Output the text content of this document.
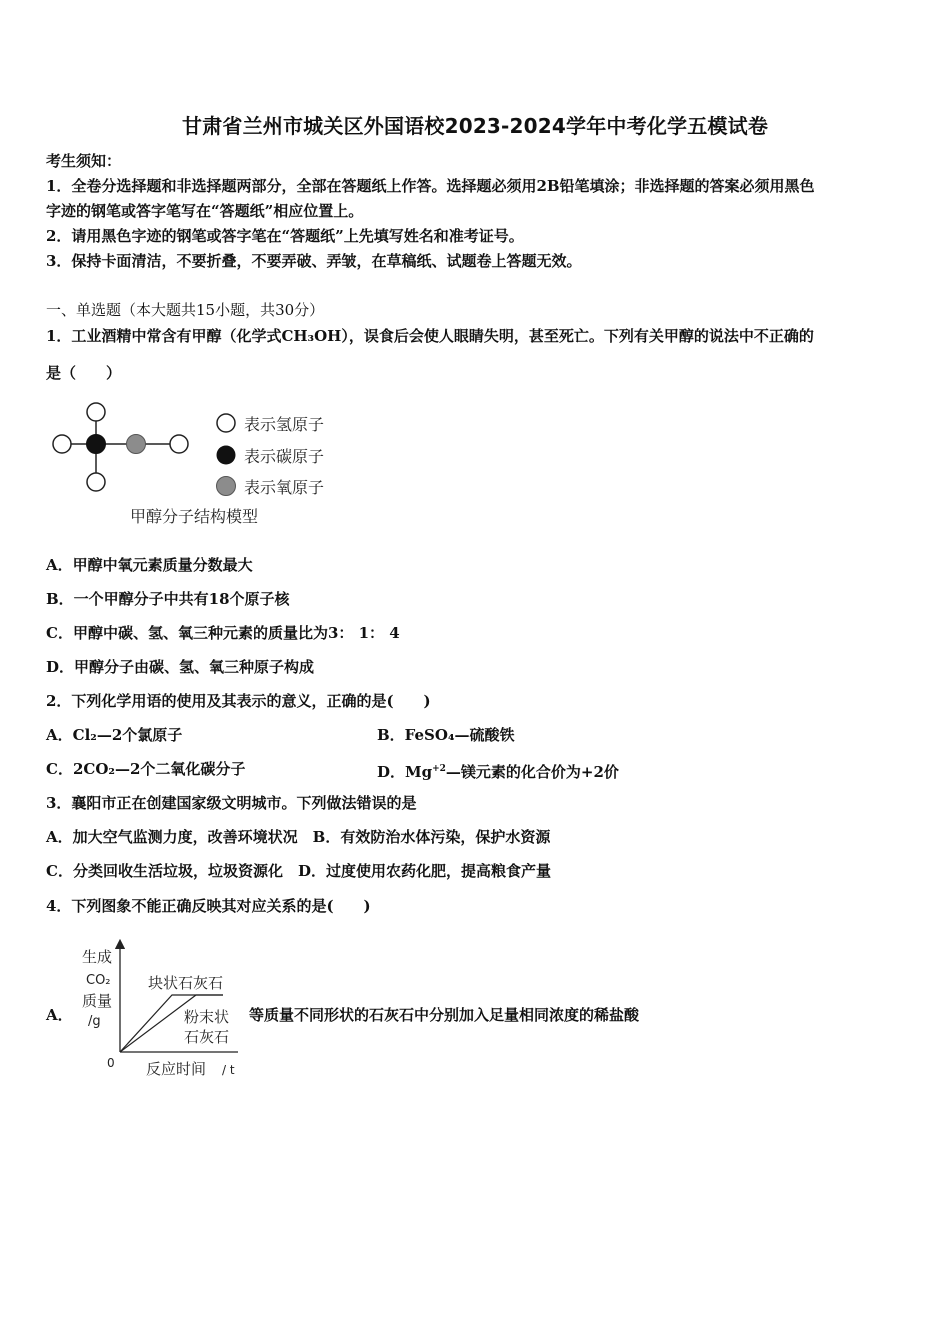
甘肃省兰州市城关区外国语校2023-2024学年中考化学五模试卷
考生须知：
1．全卷分选择题和非选择题两部分，全部在答题纸上作答。选择题必须用2B铅笔填涂；非选择题的答案必须用黑色
字迹的钢笔或答字笔写在“答题纸”相应位置上。
2．请用黑色字迹的钢笔或答字笔在“答题纸”上先填写姓名和准考证号。
3．保持卡面清洁，不要折叠，不要弄破、弄皱，在草稿纸、试题卷上答题无效。
一、单选题（本大题共15小题，共30分）
1．工业酒精中常含有甲醇（化学式CH₃OH），误食后会使人眼睛失明，甚至死亡。下列有关甲醇的说法中不正确的
是（　　）
表示氢原子
表示碳原子
表示氧原子
甲醇分子结构模型
A．甲醇中氧元素质量分数最大
B．一个甲醇分子中共有18个原子核
C．甲醇中碳、氢、氧三种元素的质量比为3： 1： 4
D．甲醇分子由碳、氢、氧三种原子构成
2．下列化学用语的使用及其表示的意义，正确的是(　　)
A．Cl₂—2个氯原子	B．FeSO₄—硫酸铁
C．2CO₂—2个二氧化碳分子	D．$Mg^{+2}—$镁元素的化合价为+2价
3．襄阳市正在创建国家级文明城市。下列做法错误的是
A．加大空气监测力度，改善环境状况　B．有效防治水体污染，保护水资源
C．分类回收生活垃圾，垃圾资源化　D．过度使用农药化肥，提高粮食产量
4．下列图象不能正确反映其对应关系的是(　　)
A．
生成
CO₂
质量
/g
0 反应时间 / t
块状石灰石
粉末状
石灰石
等质量不同形状的石灰石中分别加入足量相同浓度的稀盐酸
